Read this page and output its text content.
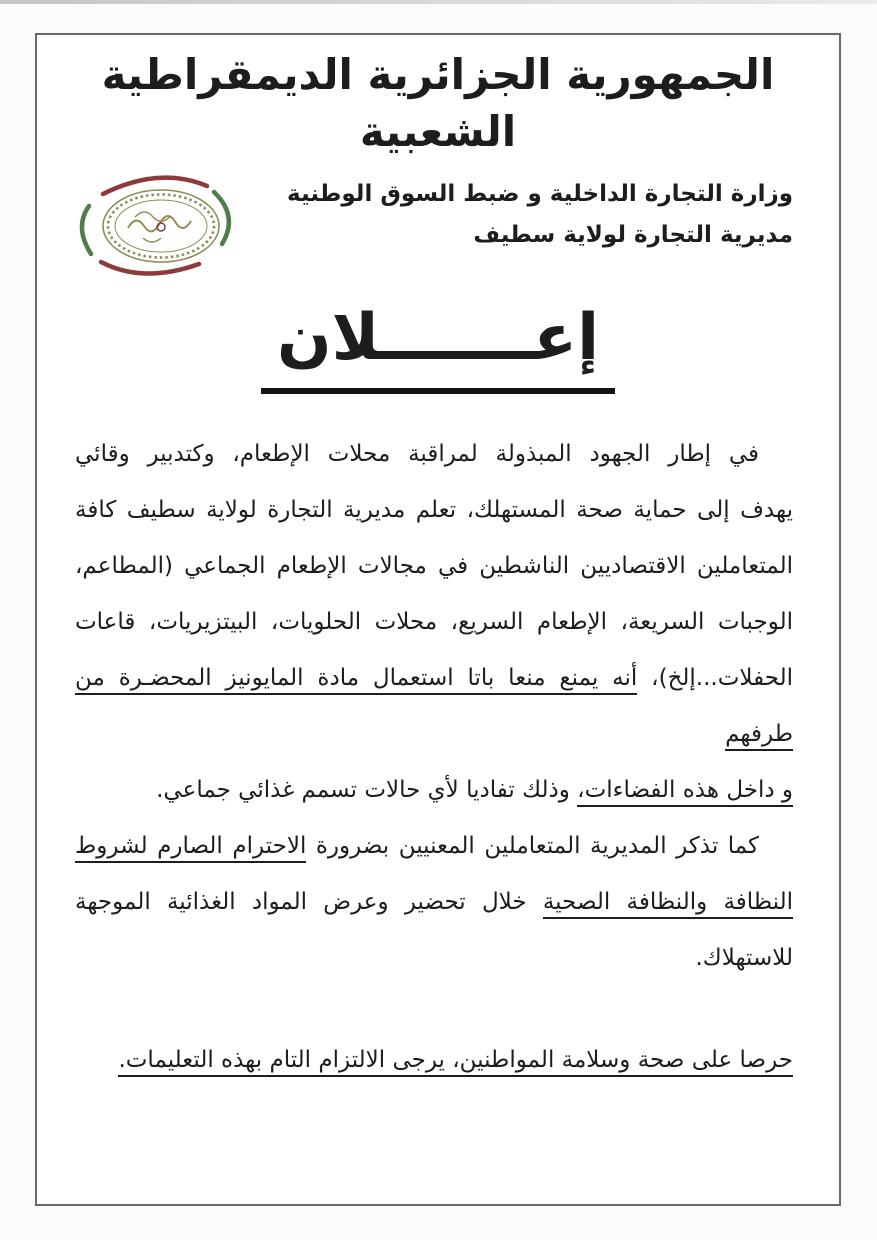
الجمهورية الجزائرية الديمقراطية الشعبية
وزارة التجارة الداخلية و ضبط السوق الوطنية
مديرية التجارة لولاية سطيف
إعـــــــلان

في إطار الجهود المبذولة لمراقبة محلات الإطعام، وكتدبير وقائي

يهدف إلى حماية صحة المستهلك، تعلم مديرية التجارة لولاية سطيف كافة

المتعاملين الاقتصاديين الناشطين في مجالات الإطعام الجماعي (المطاعم،

الوجبات السريعة، الإطعام السريع، محلات الحلويات، البيتزيريات، قاعات

الحفلات...إلخ)، أنه يمنع منعا باتا استعمال مادة المايونيز المحضـرة من طرفهم

و داخل هذه الفضاءات، وذلك تفاديا لأي حالات تسمم غذائي جماعي.

كما تذكر المديرية المتعاملين المعنيين بضرورة الاحترام الصارم لشروط

النظافة والنظافة الصحية خلال تحضير وعرض المواد الغذائية الموجهة

للاستهلاك.

حرصا على صحة وسلامة المواطنين، يرجى الالتزام التام بهذه التعليمات.
